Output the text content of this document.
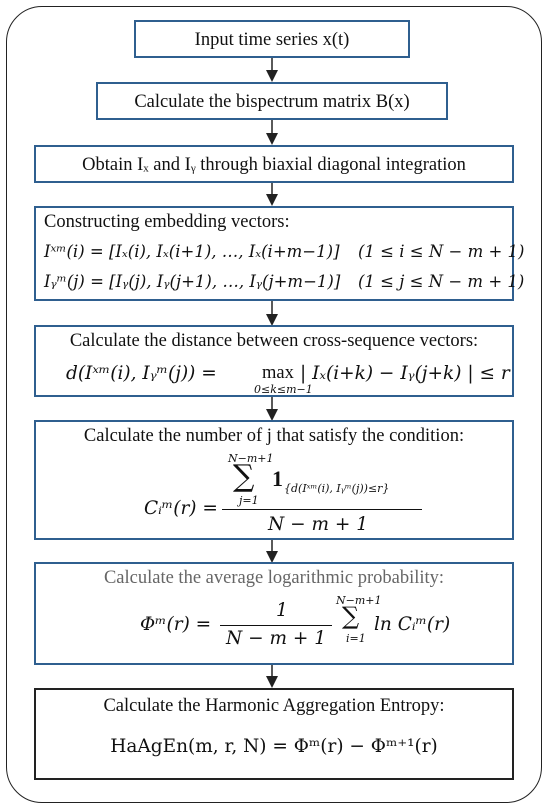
Input time series x(t)
Calculate the bispectrum matrix B(x)
Obtain Iₓ and Iᵧ through biaxial diagonal integration
Constructing embedding vectors:
Iˣᵐ(i) = [Iₓ(i), Iₓ(i+1), …, Iₓ(i+m−1)] (1 ≤ i ≤ N − m + 1)
Iᵧᵐ(j) = [Iᵧ(j), Iᵧ(j+1), …, Iᵧ(j+m−1)] (1 ≤ j ≤ N − m + 1)
Calculate the distance between cross-sequence vectors:
d(Iˣᵐ(i), Iᵧᵐ(j)) = max
0≤k≤m−1
| Iₓ(i+k) − Iᵧ(j+k) | ≤ r
Calculate the number of j that satisfy the condition:
Cᵢᵐ(r) =
N−m+1
∑
j=1
1 {d(Iˣᵐ(i), Iᵧᵐ(j))≤r}
N − m + 1
Calculate the average logarithmic probability:
Φᵐ(r) =
1
N − m + 1
N−m+1
∑
i=1
ln Cᵢᵐ(r)
Calculate the Harmonic Aggregation Entropy:
HaAgEn(m, r, N) = Φᵐ(r) − Φᵐ⁺¹(r)
